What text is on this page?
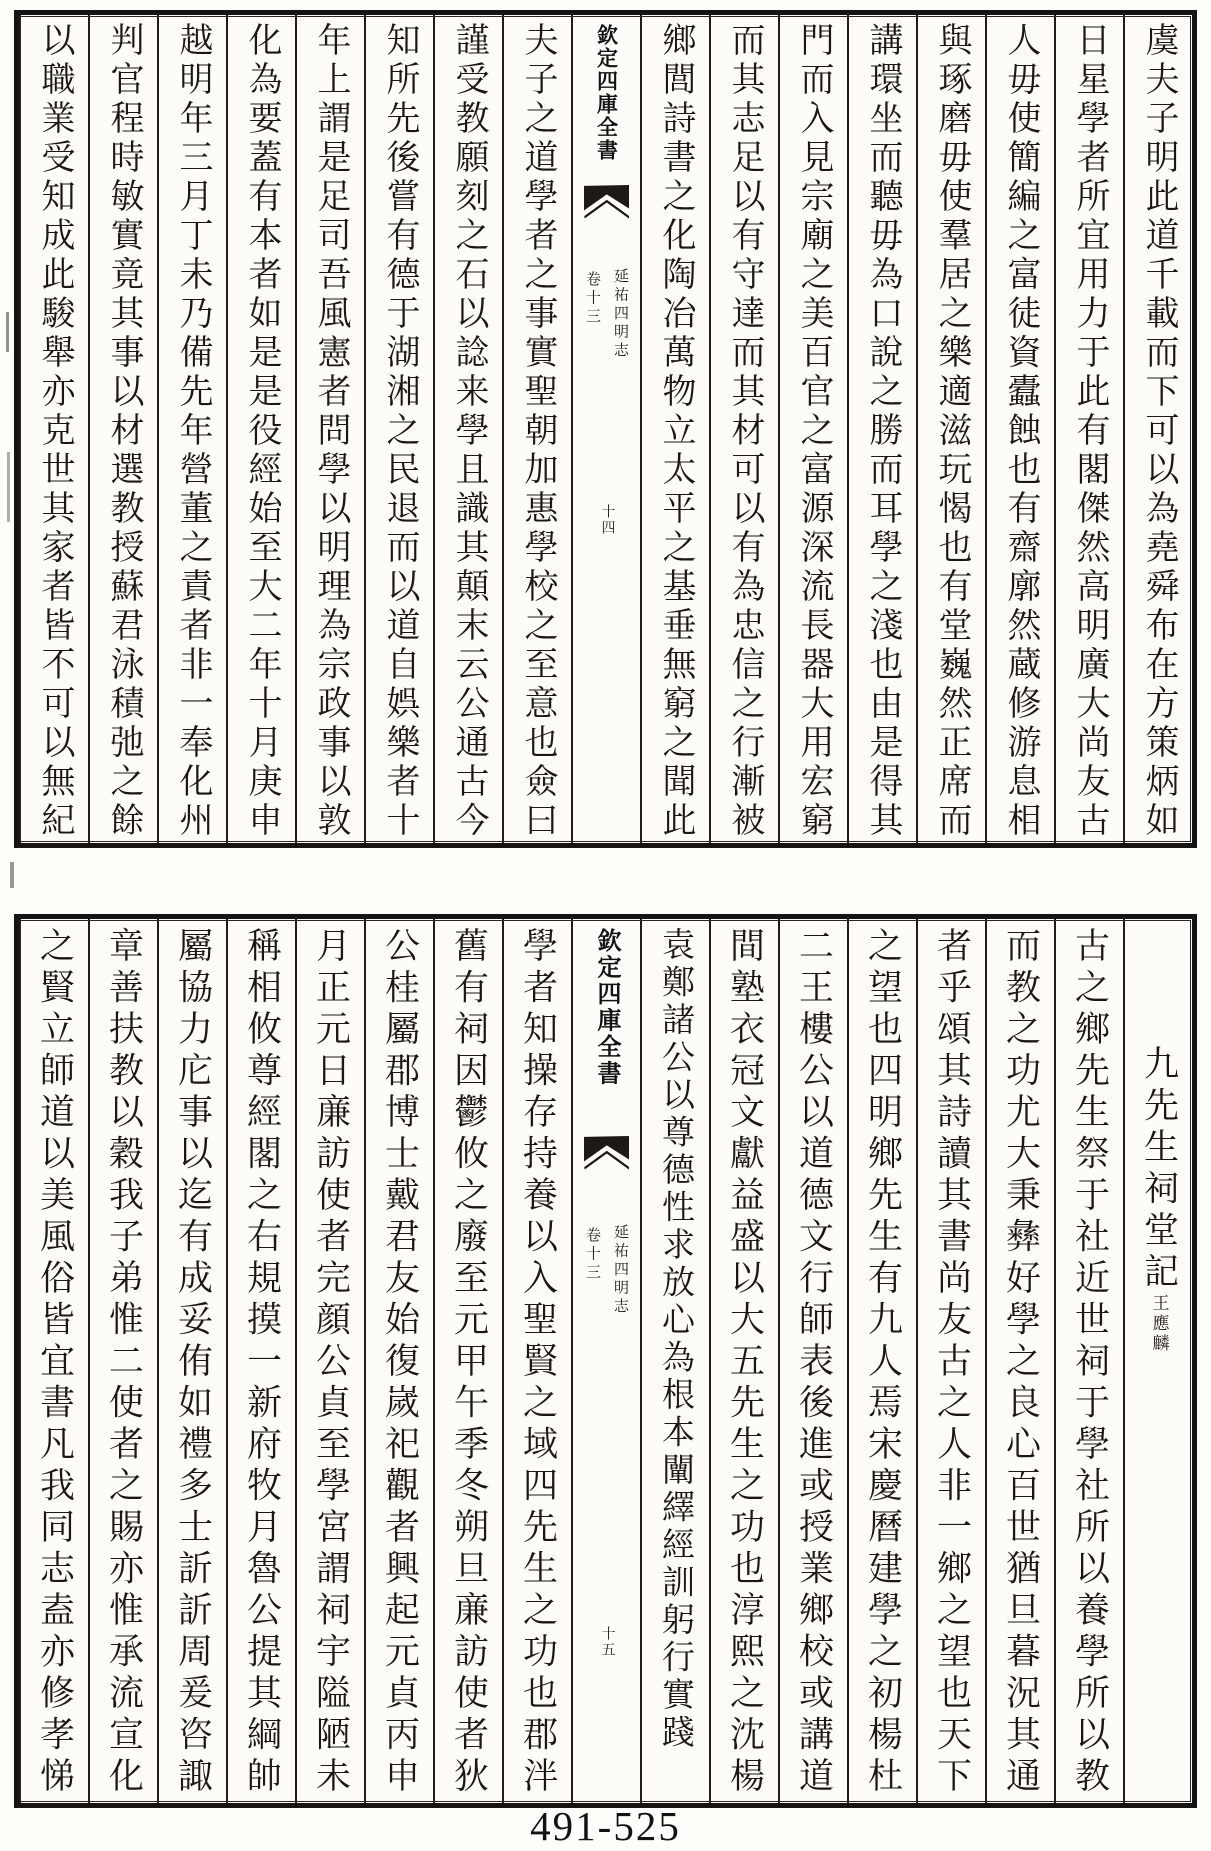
虞夫子明此道千載而下可以為堯舜布在方策炳如
日星學者所宜用力于此有閣傑然高明廣大尚友古
人毋使簡編之富徒資蠹蝕也有齋廓然蔵修游息相
與琢磨毋使羣居之樂適滋玩愒也有堂巍然正席而
講環坐而聽毋為口說之勝而耳學之淺也由是得其
門而入見宗廟之美百官之富源深流長器大用宏窮
而其志足以有守達而其材可以有為忠信之行漸被
鄉閭詩書之化陶冶萬物立太平之基垂無窮之聞此
欽定四庫全書
延祐四明志
卷十三
十四
夫子之道學者之事實聖朝加惠學校之至意也僉曰
謹受教願刻之石以諗来學且識其顛末云公通古今
知所先後嘗有德于湖湘之民退而以道自娯樂者十
年上謂是足司吾風憲者問學以明理為宗政事以敦
化為要蓋有本者如是是役經始至大二年十月庚申
越明年三月丁未乃備先年營董之責者非一奉化州
判官程時敏實竟其事以材選教授蘇君泳積弛之餘
以職業受知成此駿舉亦克世其家者皆不可以無紀
九先生祠堂記王應麟
古之鄉先生祭于社近世祠于學社所以養學所以教
而教之功尤大秉彝好學之良心百世猶旦暮況其通
者乎頌其詩讀其書尚友古之人非一鄉之望也天下
之望也四明鄉先生有九人焉宋慶曆建學之初楊杜
二王樓公以道德文行師表後進或授業鄉校或講道
間塾衣冠文獻益盛以大五先生之功也淳熙之沈楊
袁鄭諸公以尊德性求放心為根本闡繹經訓躬行實踐
欽定四庫全書
延祐四明志
卷十三
十五
學者知操存持養以入聖賢之域四先生之功也郡泮
舊有祠因鬱攸之廢至元甲午季冬朔旦亷訪使者狄
公桂屬郡博士戴君友始復嵗祀觀者興起元貞丙申
月正元日亷訪使者完顔公貞至學宮謂祠宇隘陋未
稱相攸尊經閣之右規摸一新府牧月魯公提其綱帥
屬協力庀事以迄有成妥侑如禮多士訢訢周爰咨諏
章善扶教以穀我子弟惟二使者之賜亦惟承流宣化
之賢立師道以美風俗皆宜書凡我同志盍亦修孝悌
491-525
